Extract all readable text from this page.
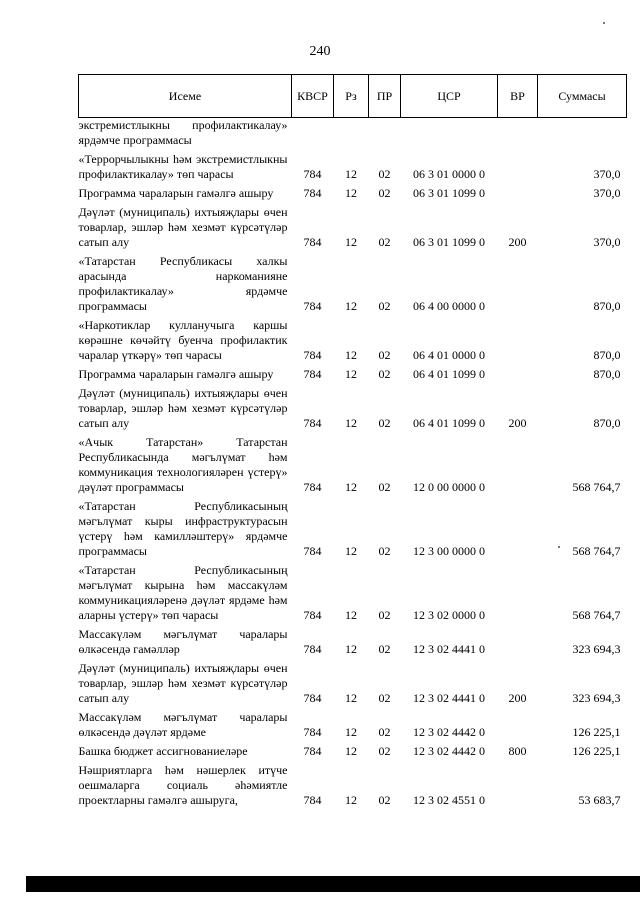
240
Исеме	КВСР	Рз	ПР	ЦСР	ВР	Суммасы
экстремистлыкны профилактикалау» ярдәмче программасы						
«Террорчылыкны һәм экстремистлыкны профилактикалау» төп чарасы	784	12	02	06 3 01 0000 0		370,0
Программа чараларын гамәлгә ашыру	784	12	02	06 3 01 1099 0		370,0
Дәүләт (муниципаль) ихтыяҗлары өчен товарлар, эшләр һәм хезмәт күрсәтүләр сатып алу	784	12	02	06 3 01 1099 0	200	370,0
«Татарстан Республикасы халкы арасында наркоманияне профилактикалау» ярдәмче программасы	784	12	02	06 4 00 0000 0		870,0
«Наркотиклар кулланучыга каршы көрәшне көчәйтү буенча профилактик чаралар үткәрү» төп чарасы	784	12	02	06 4 01 0000 0		870,0
Программа чараларын гамәлгә ашыру	784	12	02	06 4 01 1099 0		870,0
Дәүләт (муниципаль) ихтыяҗлары өчен товарлар, эшләр һәм хезмәт күрсәтүләр сатып алу	784	12	02	06 4 01 1099 0	200	870,0
«Ачык Татарстан» Татарстан Республикасында мәгълүмат һәм коммуникация технологияләрен үстерү» дәүләт программасы	784	12	02	12 0 00 0000 0		568 764,7
«Татарстан Республикасының мәгълүмат кыры инфраструктурасын үстерү һәм камилләштерү» ярдәмче программасы	784	12	02	12 3 00 0000 0		568 764,7
«Татарстан Республикасының мәгълүмат кырына һәм массакүләм коммуникацияләренә дәүләт ярдәме һәм аларны үстерү» төп чарасы	784	12	02	12 3 02 0000 0		568 764,7
Массакүләм мәгълүмат чаралары өлкәсендә гамәлләр	784	12	02	12 3 02 4441 0		323 694,3
Дәүләт (муниципаль) ихтыяҗлары өчен товарлар, эшләр һәм хезмәт күрсәтүләр сатып алу	784	12	02	12 3 02 4441 0	200	323 694,3
Массакүләм мәгълүмат чаралары өлкәсендә дәүләт ярдәме	784	12	02	12 3 02 4442 0		126 225,1
Башка бюджет ассигнованиеләре	784	12	02	12 3 02 4442 0	800	126 225,1
Нәшриятларга һәм нәшерлек итүче оешмаларга социаль әһәмиятле проектларны гамәлгә ашыруга,	784	12	02	12 3 02 4551 0		53 683,7
